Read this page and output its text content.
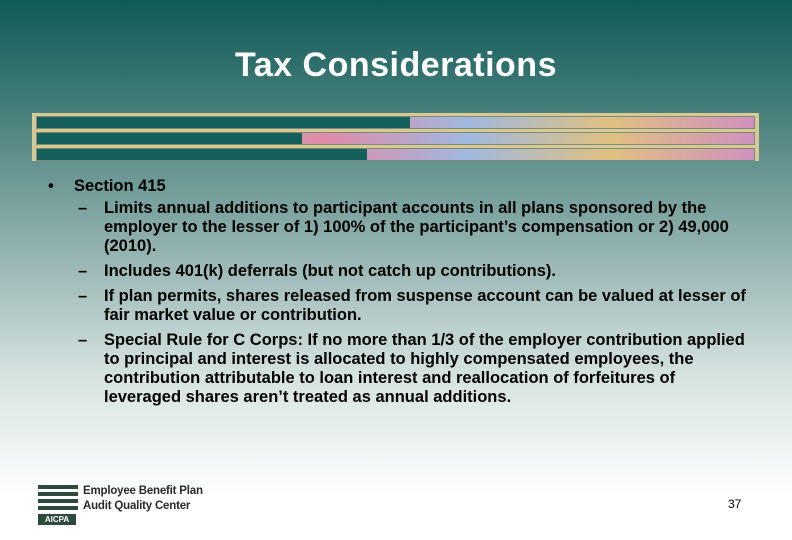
Tax Considerations
•	Section 415
–	Limits annual additions to participant accounts in all plans sponsored by the employer to the lesser of 1) 100% of the participant’s compensation or 2) 49,000 (2010).
–	Includes 401(k) deferrals (but not catch up contributions).
–	If plan permits, shares released from suspense account can be valued at lesser of fair market value or contribution.
–	Special Rule for C Corps: If no more than 1/3 of the employer contribution applied to principal and interest is allocated to highly compensated employees, the contribution attributable to loan interest and reallocation of forfeitures of leveraged shares aren’t treated as annual additions.
Employee Benefit Plan
Audit Quality Center
AICPA
37
